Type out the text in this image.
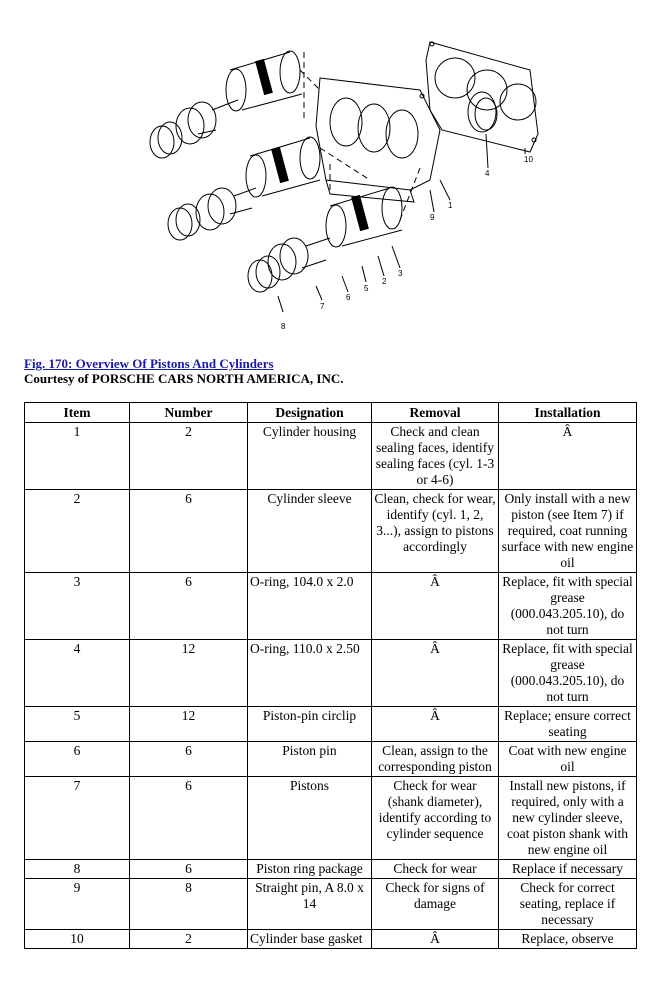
10
4
9
1
3
2
5
6
7
8
Fig. 170: Overview Of Pistons And Cylinders
Courtesy of PORSCHE CARS NORTH AMERICA, INC.
Item	Number	Designation	Removal	Installation
1	2	Cylinder housing	Check and clean sealing faces, identify sealing faces (cyl. 1-3 or 4-6)	Â
2	6	Cylinder sleeve	Clean, check for wear, identify (cyl. 1, 2, 3...), assign to pistons accordingly	Only install with a new piston (see Item 7) if required, coat running surface with new engine oil
3	6	O-ring, 104.0 x 2.0	Â	Replace, fit with special grease (000.043.205.10), do not turn
4	12	O-ring, 110.0 x 2.50	Â	Replace, fit with special grease (000.043.205.10), do not turn
5	12	Piston-pin circlip	Â	Replace; ensure correct seating
6	6	Piston pin	Clean, assign to the corresponding piston	Coat with new engine oil
7	6	Pistons	Check for wear (shank diameter), identify according to cylinder sequence	Install new pistons, if required, only with a new cylinder sleeve, coat piston shank with new engine oil
8	6	Piston ring package	Check for wear	Replace if necessary
9	8	Straight pin, A 8.0 x 14	Check for signs of damage	Check for correct seating, replace if necessary
10	2	Cylinder base gasket	Â	Replace, observe
